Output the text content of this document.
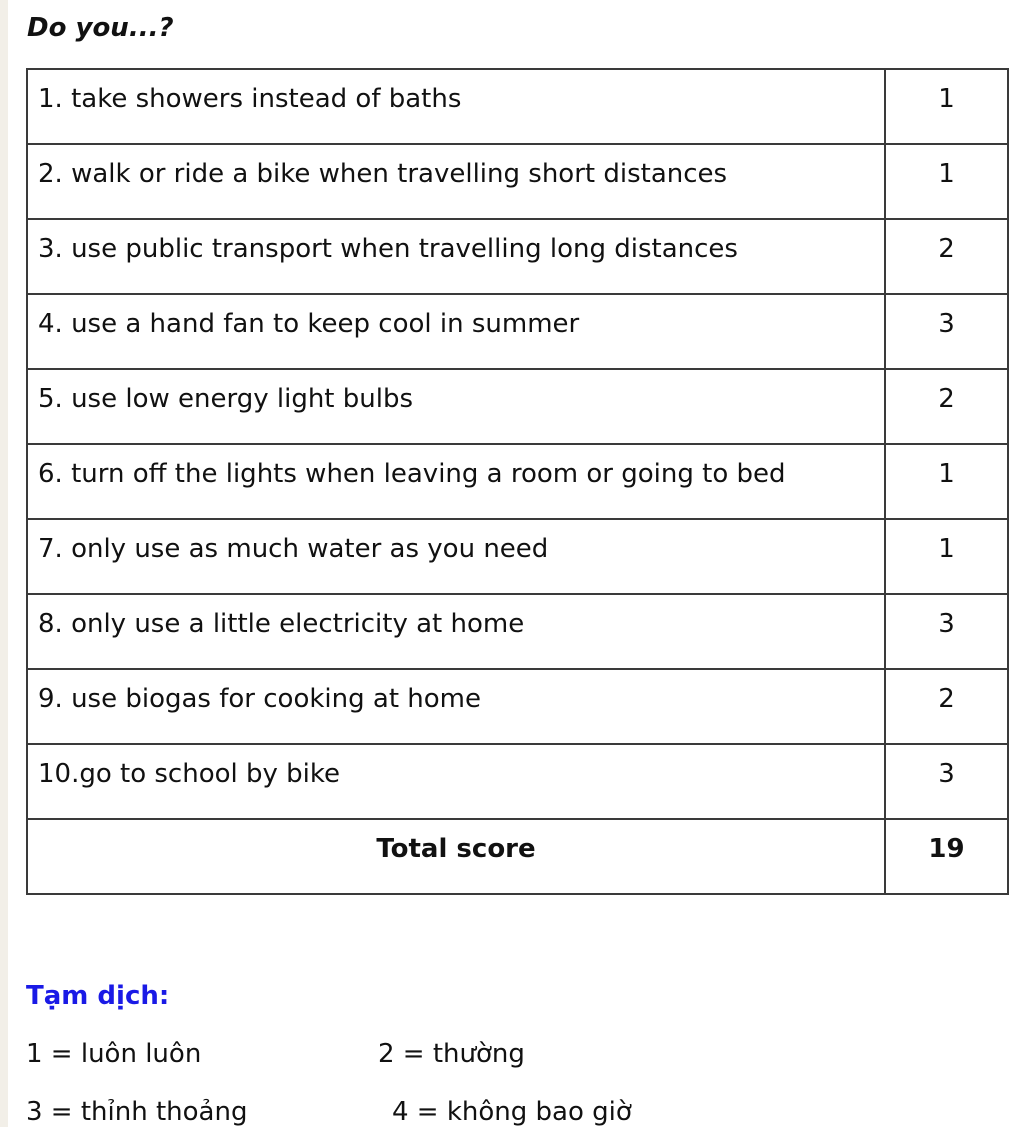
Do you...?
1. take showers instead of baths	1
2. walk or ride a bike when travelling short distances	1
3. use public transport when travelling long distances	2
4. use a hand fan to keep cool in summer	3
5. use low energy light bulbs	2
6. turn off the lights when leaving a room or going to bed	1
7. only use as much water as you need	1
8. only use a little electricity at home	3
9. use biogas for cooking at home	2
10.go to school by bike	3
Total score	19
Tạm dịch:
1 = luôn luôn	2 = thường
3 = thỉnh thoảng	4 = không bao giờ
